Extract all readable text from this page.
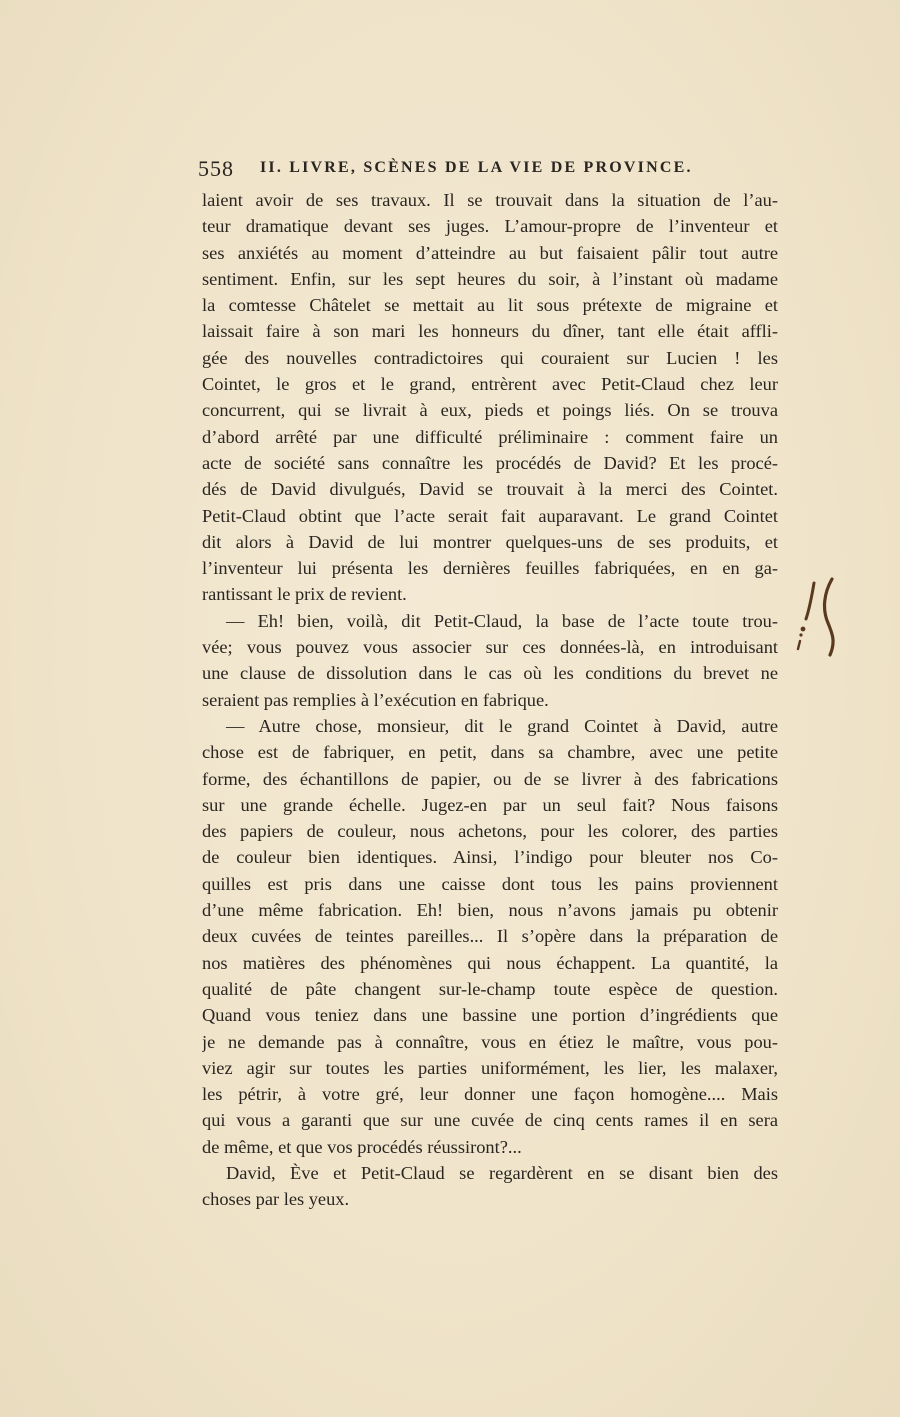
558 II. LIVRE, SCÈNES DE LA VIE DE PROVINCE.
laient avoir de ses travaux. Il se trouvait dans la situation de l’au-
teur dramatique devant ses juges. L’amour-propre de l’inventeur et
ses anxiétés au moment d’atteindre au but faisaient pâlir tout autre
sentiment. Enfin, sur les sept heures du soir, à l’instant où madame
la comtesse Châtelet se mettait au lit sous prétexte de migraine et
laissait faire à son mari les honneurs du dîner, tant elle était affli-
gée des nouvelles contradictoires qui couraient sur Lucien ! les
Cointet, le gros et le grand, entrèrent avec Petit-Claud chez leur
concurrent, qui se livrait à eux, pieds et poings liés. On se trouva
d’abord arrêté par une difficulté préliminaire : comment faire un
acte de société sans connaître les procédés de David? Et les procé-
dés de David divulgués, David se trouvait à la merci des Cointet.
Petit-Claud obtint que l’acte serait fait auparavant. Le grand Cointet
dit alors à David de lui montrer quelques-uns de ses produits, et
l’inventeur lui présenta les dernières feuilles fabriquées, en en ga-
rantissant le prix de revient.
— Eh! bien, voilà, dit Petit-Claud, la base de l’acte toute trou-
vée; vous pouvez vous associer sur ces données-là, en introduisant
une clause de dissolution dans le cas où les conditions du brevet ne
seraient pas remplies à l’exécution en fabrique.
— Autre chose, monsieur, dit le grand Cointet à David, autre
chose est de fabriquer, en petit, dans sa chambre, avec une petite
forme, des échantillons de papier, ou de se livrer à des fabrications
sur une grande échelle. Jugez-en par un seul fait? Nous faisons
des papiers de couleur, nous achetons, pour les colorer, des parties
de couleur bien identiques. Ainsi, l’indigo pour bleuter nos Co-
quilles est pris dans une caisse dont tous les pains proviennent
d’une même fabrication. Eh! bien, nous n’avons jamais pu obtenir
deux cuvées de teintes pareilles... Il s’opère dans la préparation de
nos matières des phénomènes qui nous échappent. La quantité, la
qualité de pâte changent sur-le-champ toute espèce de question.
Quand vous teniez dans une bassine une portion d’ingrédients que
je ne demande pas à connaître, vous en étiez le maître, vous pou-
viez agir sur toutes les parties uniformément, les lier, les malaxer,
les pétrir, à votre gré, leur donner une façon homogène.... Mais
qui vous a garanti que sur une cuvée de cinq cents rames il en sera
de même, et que vos procédés réussiront?...
David, Ève et Petit-Claud se regardèrent en se disant bien des
choses par les yeux.
